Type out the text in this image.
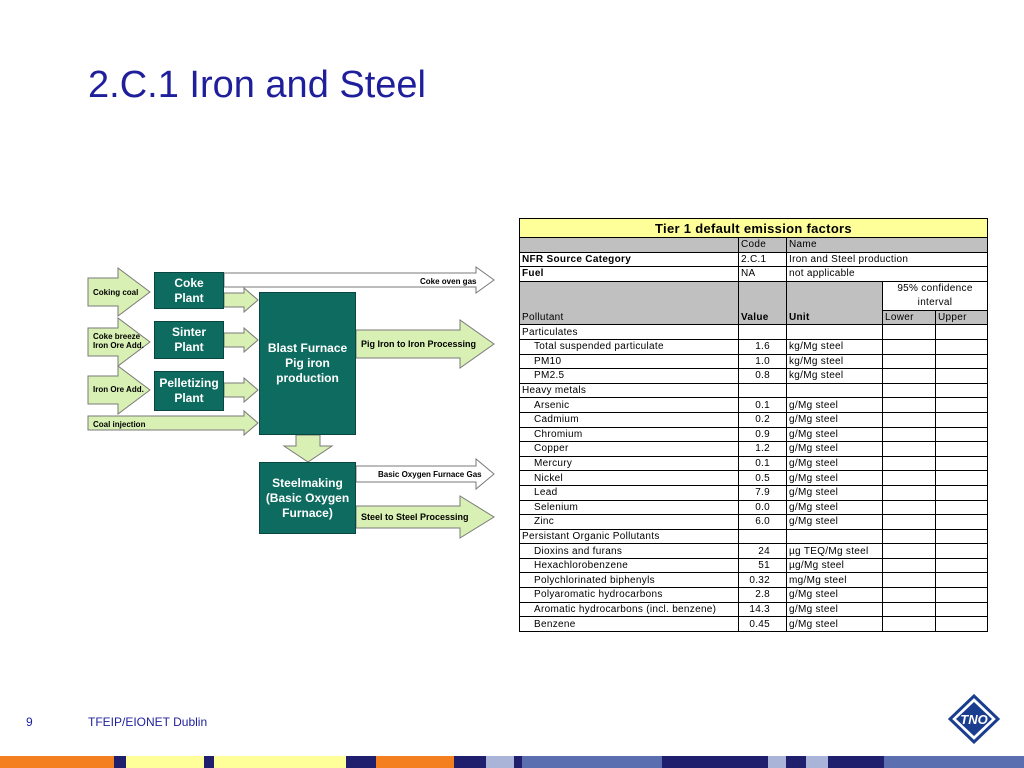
2.C.1 Iron and Steel
Coking coal
Coke breeze
Iron Ore Add.
Iron Ore Add.
Coal injection
Coke
Plant
Sinter
Plant
Pelletizing
Plant
Blast Furnace
Pig iron
production
Steelmaking
(Basic Oxygen
Furnace)
Coke oven gas
Pig Iron to Iron Processing
Basic Oxygen Furnace Gas
Steel to Steel Processing
Tier 1 default emission factors				
	Code	Name		
NFR Source Category	2.C.1	Iron and Steel production		
Fuel	NA	not applicable		
Pollutant	Value	Unit	95% confidence interval	
			Lower	Upper
Particulates				
Total suspended particulate	1.6	kg/Mg steel		
PM10	1.0	kg/Mg steel		
PM2.5	0.8	kg/Mg steel		
Heavy metals				
Arsenic	0.1	g/Mg steel		
Cadmium	0.2	g/Mg steel		
Chromium	0.9	g/Mg steel		
Copper	1.2	g/Mg steel		
Mercury	0.1	g/Mg steel		
Nickel	0.5	g/Mg steel		
Lead	7.9	g/Mg steel		
Selenium	0.0	g/Mg steel		
Zinc	6.0	g/Mg steel		
Persistant Organic Pollutants				
Dioxins and furans	24	µg TEQ/Mg steel		
Hexachlorobenzene	51	µg/Mg steel		
Polychlorinated biphenyls	0.32	mg/Mg steel		
Polyaromatic hydrocarbons	2.8	g/Mg steel		
Aromatic hydrocarbons (incl. benzene)	14.3	g/Mg steel		
Benzene	0.45	g/Mg steel		
9	TFEIP/EIONET Dublin	TNO
